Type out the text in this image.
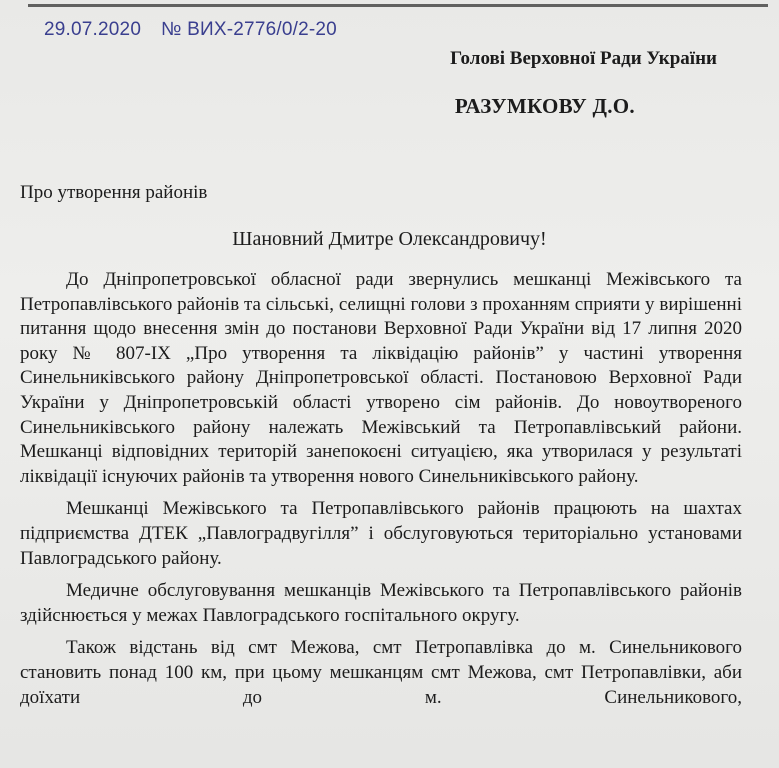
29.07.2020 № ВИХ-2776/0/2-20
Голові Верховної Ради України
РАЗУМКОВУ Д.О.
Про утворення районів
Шановний Дмитре Олександровичу!

До Дніпропетровської обласної ради звернулись мешканці Межівського та Петропавлівського районів та сільські, селищні голови з проханням сприяти у вирішенні питання щодо внесення змін до постанови Верховної Ради України від 17 липня 2020 року № 807-ІХ „Про утворення та ліквідацію районів” у частині утворення Синельниківського району Дніпропетровської області. Постановою Верховної Ради України у Дніпропетровській області утворено сім районів. До новоутвореного Синельниківського району належать Межівський та Петропавлівський райони. Мешканці відповідних територій занепокоєні ситуацією, яка утворилася у результаті ліквідації існуючих районів та утворення нового Синельниківського району.

Мешканці Межівського та Петропавлівського районів працюють на шахтах підприємства ДТЕК „Павлоградвугілля” і обслуговуються територіально установами Павлоградського району.

Медичне обслуговування мешканців Межівського та Петропавлівського районів здійснюється у межах Павлоградського госпітального округу.

Також відстань від смт Межова, смт Петропавлівка до м. Синельникового становить понад 100 км, при цьому мешканцям смт Межова, смт Петропавлівки, аби доїхати до м. Синельникового,
